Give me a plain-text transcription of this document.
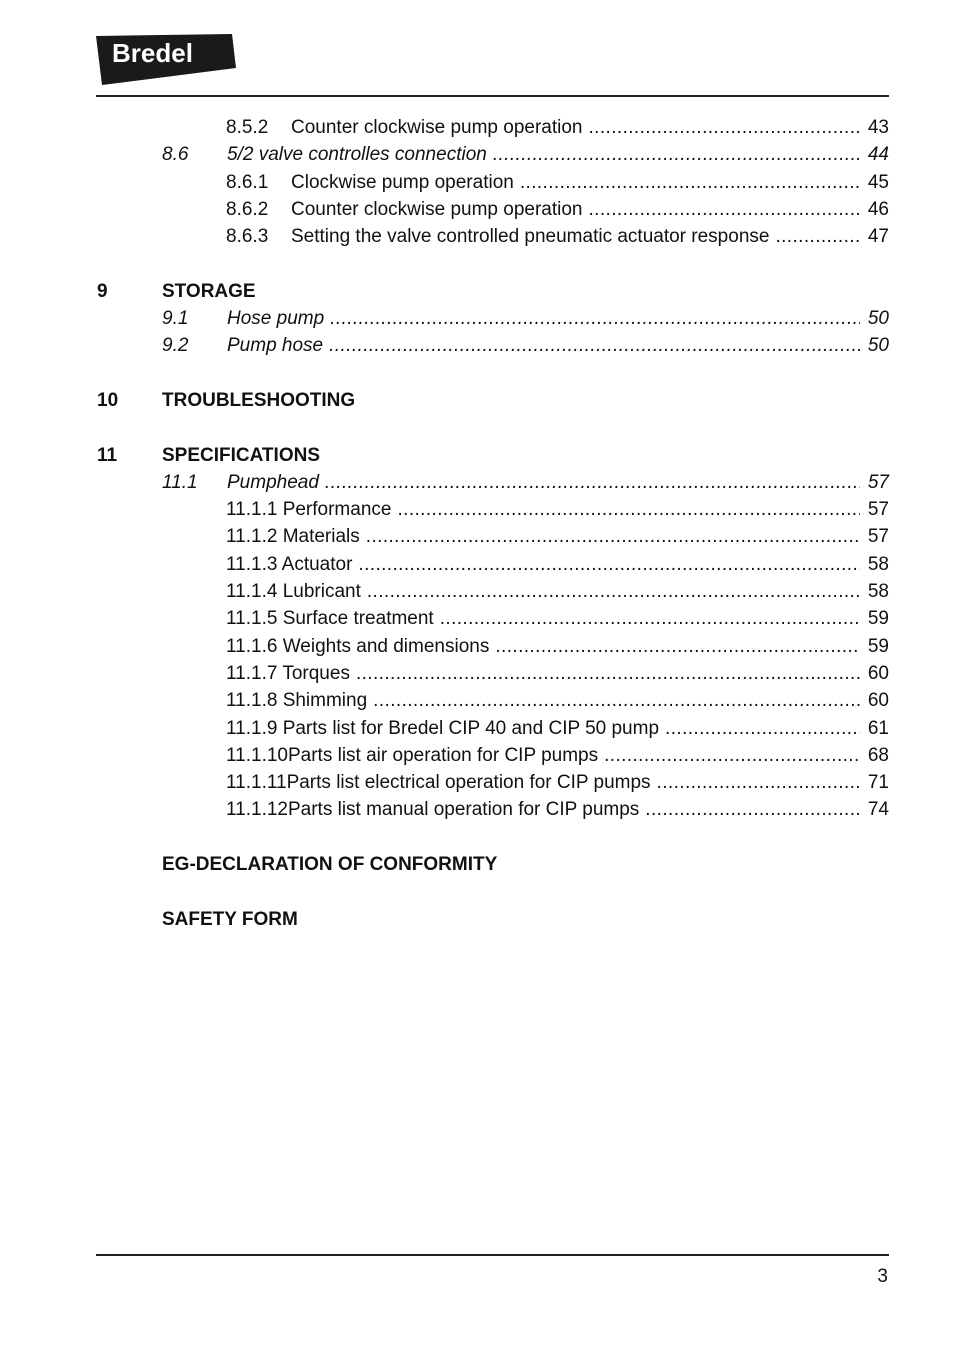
Bredel
8.5.2 Counter clockwise pump operation .....	43
8.6 5/2 valve controlles connection .....	44
8.6.1 Clockwise pump operation .....	45
8.6.2 Counter clockwise pump operation .....	46
8.6.3 Setting the valve controlled pneumatic actuator response .....	47
9	STORAGE
9.1 Hose pump .....	50
9.2 Pump hose .....	50
10 TROUBLESHOOTING
11 SPECIFICATIONS
11.1 Pumphead .....	57
11.1.1 Performance .....	57
11.1.2 Materials .....	57
11.1.3 Actuator .....	58
11.1.4 Lubricant .....	58
11.1.5 Surface treatment .....	59
11.1.6 Weights and dimensions .....	59
11.1.7 Torques .....	60
11.1.8 Shimming .....	60
11.1.9 Parts list for Bredel CIP 40 and CIP 50 pump .....	61
11.1.10Parts list air operation for CIP pumps .....	68
11.1.11Parts list electrical operation for CIP pumps .....	71
11.1.12Parts list manual operation for CIP pumps .....	74
EG-DECLARATION OF CONFORMITY
SAFETY FORM
3
